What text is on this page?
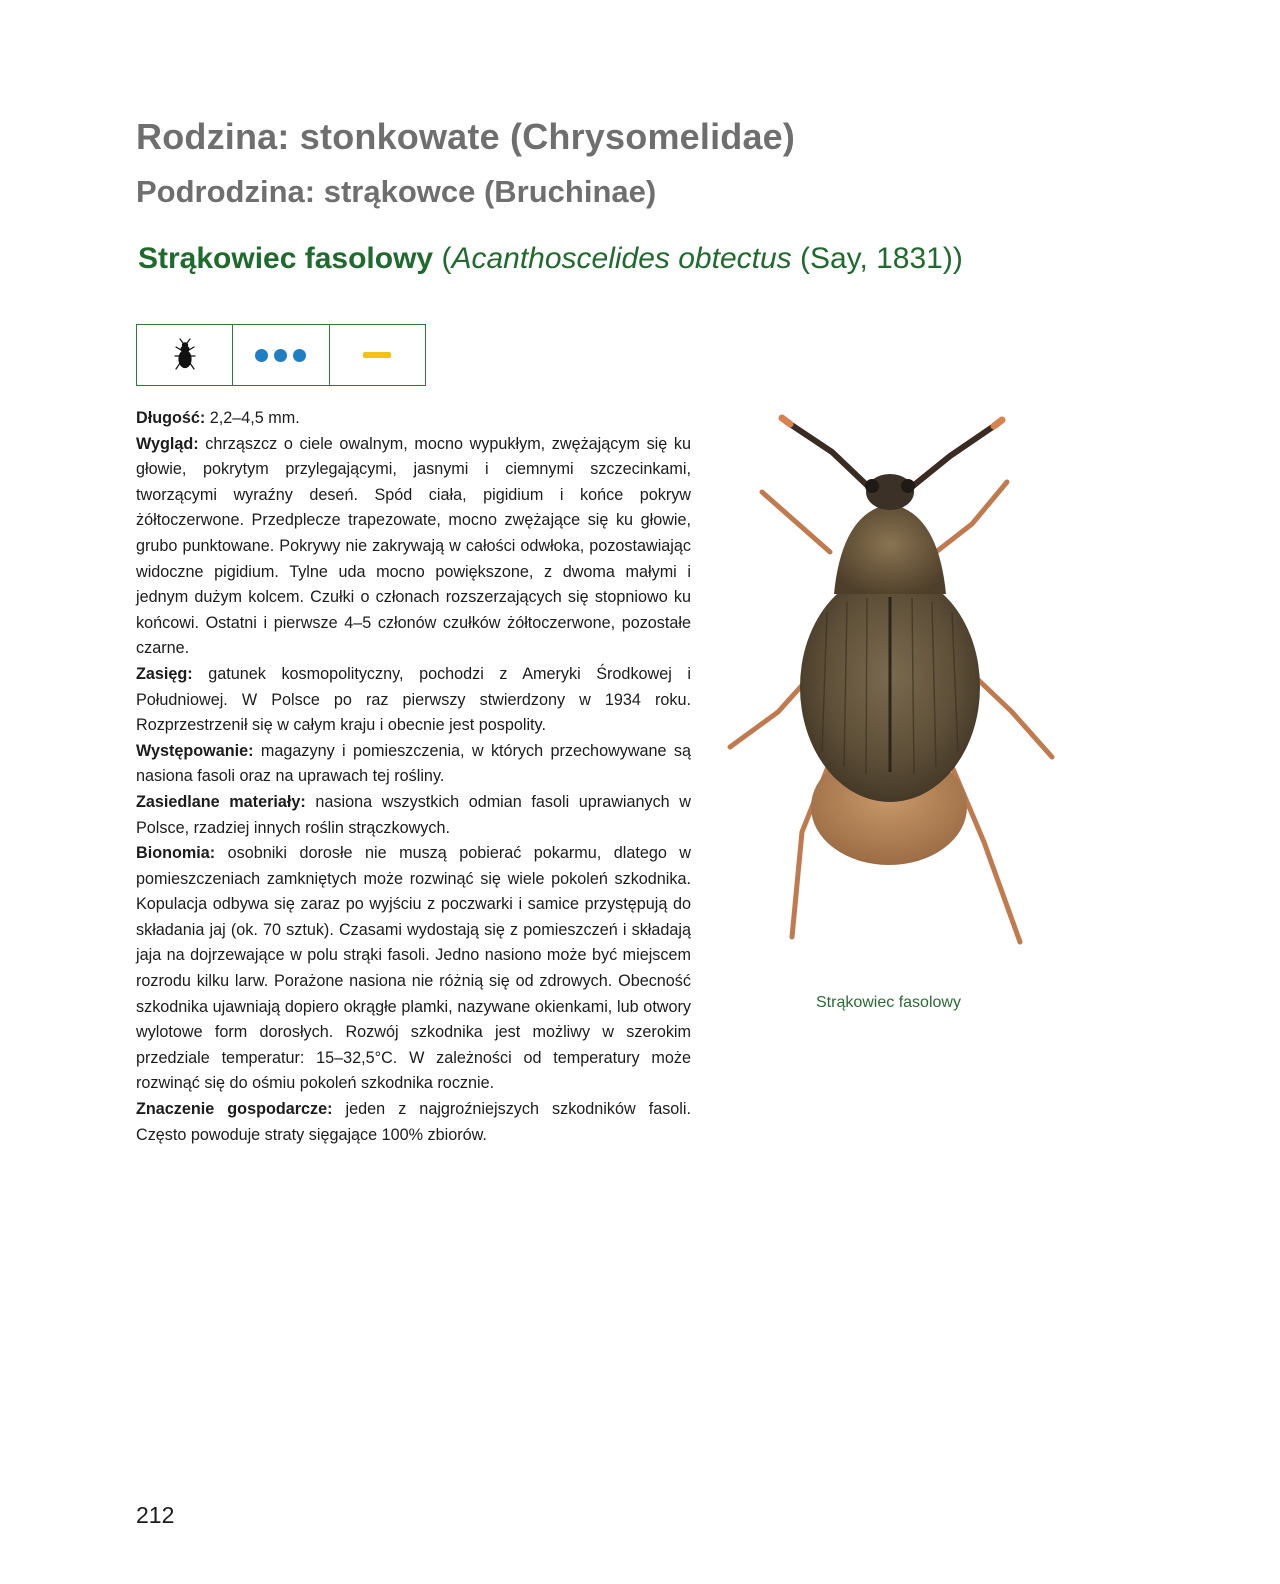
Rodzina: stonkowate (Chrysomelidae)
Podrodzina: strąkowce (Bruchinae)
Strąkowiec fasolowy (Acanthoscelides obtectus (Say, 1831))

Długość: 2,2–4,5 mm.

Wygląd: chrząszcz o ciele owalnym, mocno wypukłym, zwężającym się ku głowie, pokrytym przylegającymi, jasnymi i ciemnymi szczecinkami, tworzącymi wyraźny deseń. Spód ciała, pigidium i końce pokryw żółtoczerwone. Przedplecze trapezowate, mocno zwężające się ku głowie, grubo punktowane. Pokrywy nie zakrywają w całości odwłoka, pozostawiając widoczne pigidium. Tylne uda mocno powiększone, z dwoma małymi i jednym dużym kolcem. Czułki o członach rozszerzających się stopniowo ku końcowi. Ostatni i pierwsze 4–5 członów czułków żółtoczerwone, pozostałe czarne.

Zasięg: gatunek kosmopolityczny, pochodzi z Ameryki Środkowej i Południowej. W Polsce po raz pierwszy stwierdzony w 1934 roku. Rozprzestrzenił się w całym kraju i obecnie jest pospolity.

Występowanie: magazyny i pomieszczenia, w których przechowywane są nasiona fasoli oraz na uprawach tej rośliny.

Zasiedlane materiały: nasiona wszystkich odmian fasoli uprawianych w Polsce, rzadziej innych roślin strączkowych.

Bionomia: osobniki dorosłe nie muszą pobierać pokarmu, dlatego w pomieszczeniach zamkniętych może rozwinąć się wiele pokoleń szkodnika. Kopulacja odbywa się zaraz po wyjściu z poczwarki i samice przystępują do składania jaj (ok. 70 sztuk). Czasami wydostają się z pomieszczeń i składają jaja na dojrzewające w polu strąki fasoli. Jedno nasiono może być miejscem rozrodu kilku larw. Porażone nasiona nie różnią się od zdrowych. Obecność szkodnika ujawniają dopiero okrągłe plamki, nazywane okienkami, lub otwory wylotowe form dorosłych. Rozwój szkodnika jest możliwy w szerokim przedziale temperatur: 15–32,5°C. W zależności od temperatury może rozwinąć się do ośmiu pokoleń szkodnika rocznie.

Znaczenie gospodarcze: jeden z najgroźniejszych szkodników fasoli. Często powoduje straty sięgające 100% zbiorów.

Strąkowiec fasolowy
212
